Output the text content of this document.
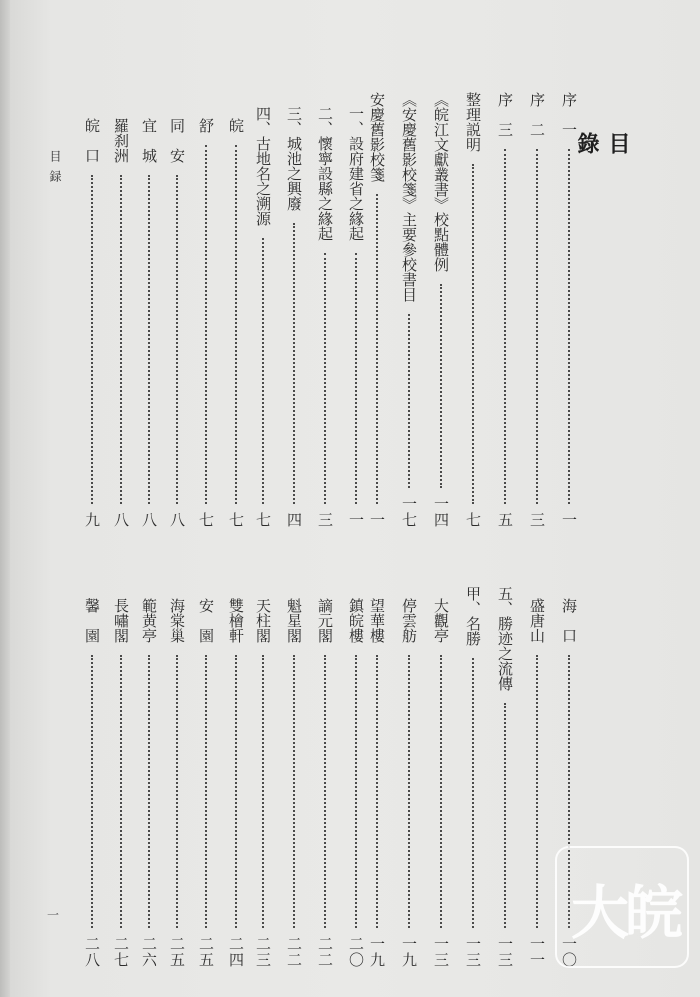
目錄
目録
一
序　一
一
序　二
三
序　三
五
整理説明
七
《皖江文獻叢書》校點體例
一四
《安慶舊影校箋》主要參校書目
一七
安慶舊影校箋
一
一、設府建省之緣起
一
二、懷寧設縣之緣起
三
三、城池之興廢
四
四、古地名之溯源
七
皖
七
舒
七
同　安
八
宜　城
八
羅刹洲
八
皖　口
九
海　口
一〇
盛唐山
一一
五、勝迹之流傳
一三
甲、名勝
一三
大觀亭
一三
停雲舫
一九
望華樓
一九
鎮皖樓
二〇
謫元閣
二二
魁星閣
二二
天柱閣
二三
雙檜軒
二四
安　園
二五
海棠巢
二五
範黄亭
二六
長嘯閣
二七
馨　園
二八
大皖
